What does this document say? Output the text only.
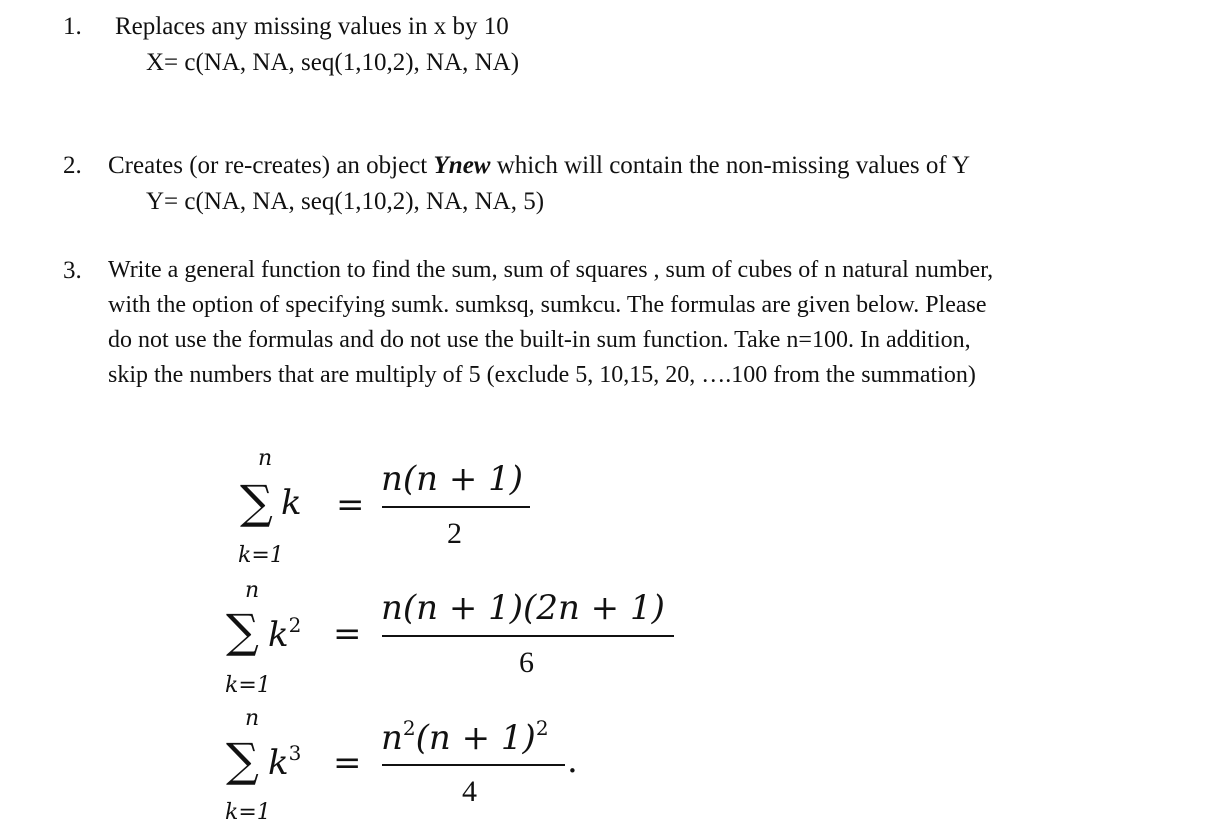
1. Replaces any missing values in x by 10
X= c(NA, NA, seq(1,10,2), NA, NA)
2. Creates (or re-creates) an object Ynew which will contain the non-missing values of Y
Y= c(NA, NA, seq(1,10,2), NA, NA, 5)
3. Write a general function to find the sum, sum of squares , sum of cubes of n natural number,
with the option of specifying sumk. sumksq, sumkcu. The formulas are given below. Please
do not use the formulas and do not use the built-in sum function. Take n=100. In addition,
skip the numbers that are multiply of 5 (exclude 5, 10,15, 20, ….100 from the summation)
n
∑
k=1
k =
n(n + 1)
2
n
∑
k=1
$k^2$ =
n(n + 1)(2n + 1)
6
n
∑
k=1
$k^3$ =
$n^2(n + 1)^2$
.
4
